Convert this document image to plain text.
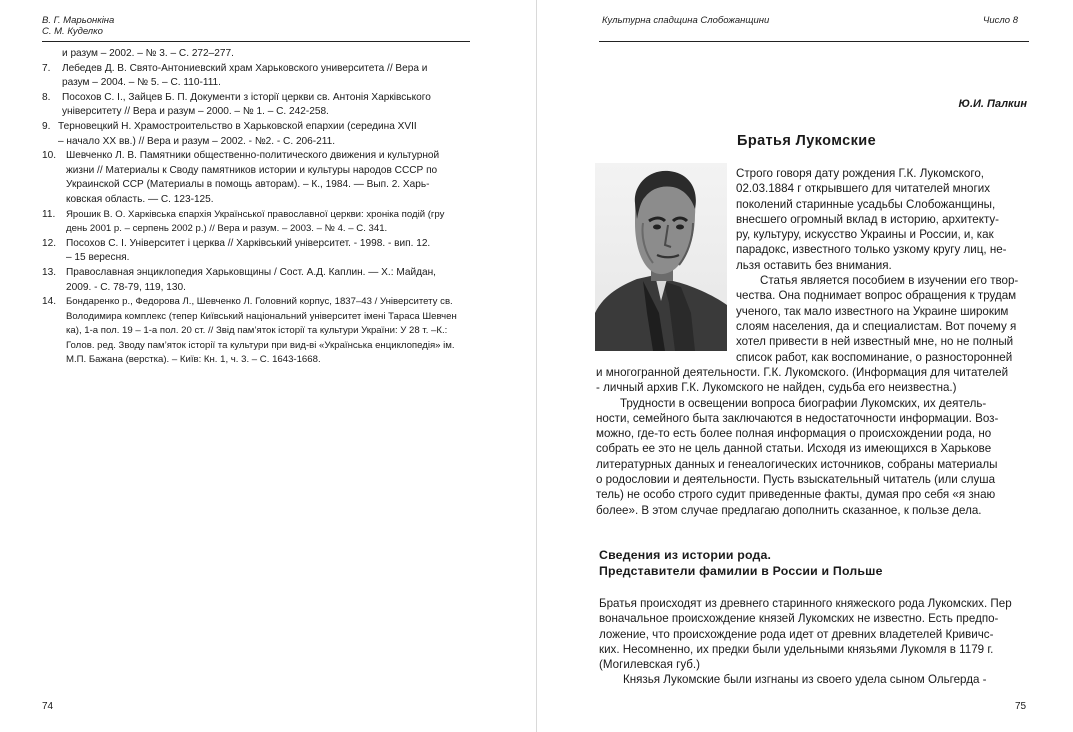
В. Г. Марьонкіна
С. М. Куделко
и разум – 2002. – № 3. – С. 272–277.
7.	Лебедев Д. В. Свято-Антониевский храм Харьковского университета // Вера и
разум – 2004. – № 5. – С. 110-111.
8.	Посохов С. І., Зайцев Б. П. Документи з історії церкви св. Антонія Харківського
університету // Вера и разум – 2000. – № 1. – С. 242-258.
9. Терновецкий Н. Храмостроительство в Харьковской епархии (середина XVII
– начало XX вв.) // Вера и разум – 2002. - №2. - С. 206-211.
10. Шевченко Л. В. Памятники общественно-политического движения и культурной
жизни // Материалы к Своду памятников истории и культуры народов СССР по
Украинской ССР (Материалы в помощь авторам). – К., 1984. — Вып. 2. Харь-
ковская область. — С. 123-125.
11.	Ярошик В. О. Харківська єпархія Української православної церкви: хроніка подій (гру
день 2001 р. – серпень 2002 р.) // Вера и разум. – 2003. – № 4. – С. 341.
12. Посохов С. І. Університет і церква // Харківський університет. - 1998. - вип. 12.
– 15 вересня.
13. Православная энциклопедия Харьковщины / Сост. А.Д. Каплин. — Х.: Майдан,
2009. - С. 78-79, 119, 130.
14.	Бондаренко р., Федорова Л., Шевченко Л. Головний корпус, 1837–43 / Університету св.
Володимира комплекс (тепер Київський національний університет імені Тараса Шевчен
ка), 1-а пол. 19 – 1-а пол. 20 ст. // Звід пам’яток історії та культури України: У 28 т. –К.:
Голов. ред. Зводу пам’яток історії та культури при вид-ві «Українська енциклопедія» ім.
М.П. Бажана (верстка). – Київ: Кн. 1, ч. 3. – С. 1643-1668.
74
Культурна спадщина Слобожанщини	Число 8
Ю.И. Палкин
Братья Лукомские

Строго говоря дату рождения Г.К. Лукомского,

02.03.1884 г открывшего для читателей многих

поколений старинные усадьбы Слобожанщины,

внесшего огромный вклад в историю, архитекту-

ру, культуру, искусство Украины и России, и, как

парадокс, известного только узкому кругу лиц, не-

льзя оставить без внимания.

Статья является пособием в изучении его твор-

чества. Она поднимает вопрос обращения к трудам

ученого, так мало известного на Украине широким

слоям населения, да и специалистам. Вот почему я

хотел привести в ней известный мне, но не полный

список работ, как воспоминание, о разносторонней

и многогранной деятельности. Г.К. Лукомского. (Информация для читателей

- личный архив Г.К. Лукомского не найден, судьба его неизвестна.)

Трудности в освещении вопроса биографии Лукомских, их деятель-

ности, семейного быта заключаются в недостаточности информации. Воз-

можно, где-то есть более полная информация о происхождении рода, но

собрать ее это не цель данной статьи. Исходя из имеющихся в Харькове

литературных данных и генеалогических источников, собраны материалы

о родословии и деятельности. Пусть взыскательный читатель (или слуша

тель) не особо строго судит приведенные факты, думая про себя «я знаю

более». В этом случае предлагаю дополнить сказанное, к пользе дела.

Сведения из истории рода.
Представители фамилии в России и Польше

Братья происходят из древнего старинного княжеского рода Лукомских. Пер

воначальное происхождение князей Лукомских не известно. Есть предпо-

ложение, что происхождение рода идет от древних владетелей Кривичс-

ких. Несомненно, их предки были удельными князьями Лукомля в 1179 г.

(Могилевская губ.)

Князья Лукомские были изгнаны из своего удела сыном Ольгерда -

75
